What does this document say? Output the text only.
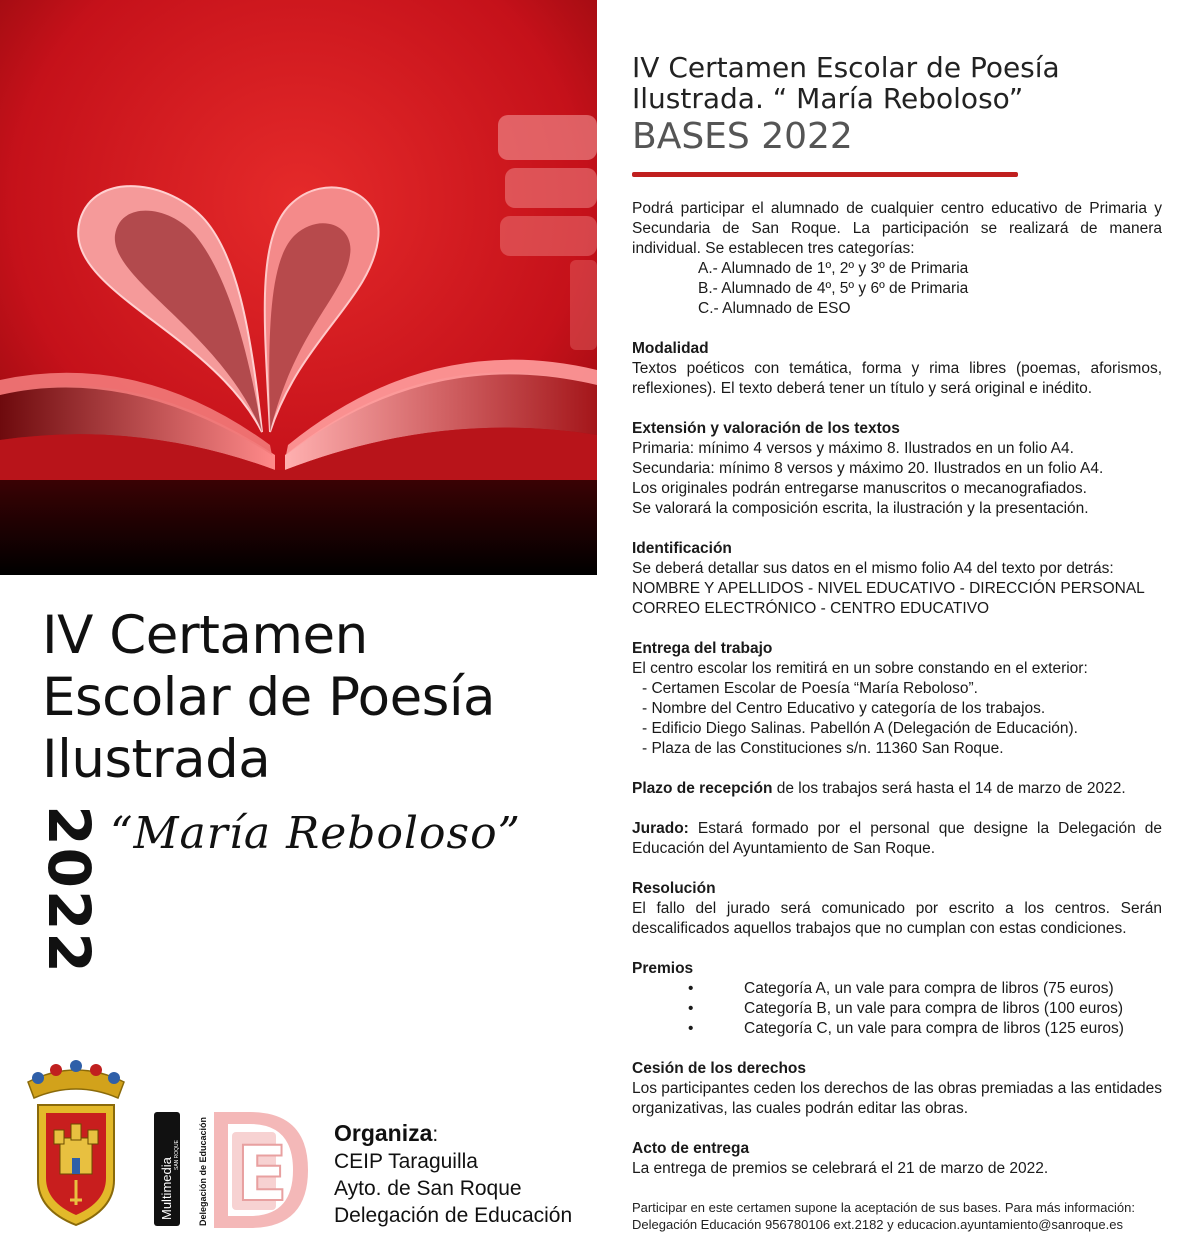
IV Certamen
Escolar de Poesía
Ilustrada
2022 “María Reboloso”
Multimedia
SAN ROQUE Delegación de Educación E Organiza:
CEIP Taraguilla
Ayto. de San Roque
Delegación de Educación
IV Certamen Escolar de Poesía
Ilustrada. “ María Reboloso”
BASES 2022
Podrá participar el alumnado de cualquier centro educativo de Primaria y Secundaria de San Roque. La participación se realizará de manera individual. Se establecen tres categorías:
A.- Alumnado de 1º, 2º y 3º de Primaria
B.- Alumnado de 4º, 5º y 6º de Primaria
C.- Alumnado de ESO
Modalidad
Textos poéticos con temática, forma y rima libres (poemas, aforismos, reflexiones). El texto deberá tener un título y será original e inédito.
Extensión y valoración de los textos
Primaria: mínimo 4 versos y máximo 8. Ilustrados en un folio A4.
Secundaria: mínimo 8 versos y máximo 20. Ilustrados en un folio A4.
Los originales podrán entregarse manuscritos o mecanografiados.
Se valorará la composición escrita, la ilustración y la presentación.
Identificación
Se deberá detallar sus datos en el mismo folio A4 del texto por detrás:
NOMBRE Y APELLIDOS - NIVEL EDUCATIVO - DIRECCIÓN PERSONAL
CORREO ELECTRÓNICO - CENTRO EDUCATIVO
Entrega del trabajo
El centro escolar los remitirá en un sobre constando en el exterior:
- Certamen Escolar de Poesía “María Reboloso”.
- Nombre del Centro Educativo y categoría de los trabajos.
- Edificio Diego Salinas. Pabellón A (Delegación de Educación).
- Plaza de las Constituciones s/n. 11360 San Roque.
Plazo de recepción de los trabajos será hasta el 14 de marzo de 2022.
Jurado: Estará formado por el personal que designe la Delegación de Educación del Ayuntamiento de San Roque.
Resolución
El fallo del jurado será comunicado por escrito a los centros. Serán descalificados aquellos trabajos que no cumplan con estas condiciones.
Premios
•	Categoría A, un vale para compra de libros (75 euros)
•	Categoría B, un vale para compra de libros (100 euros)
•	Categoría C, un vale para compra de libros (125 euros)
Cesión de los derechos
Los participantes ceden los derechos de las obras premiadas a las entidades organizativas, las cuales podrán editar las obras.
Acto de entrega
La entrega de premios se celebrará el 21 de marzo de 2022.
Participar en este certamen supone la aceptación de sus bases. Para más información:
Delegación Educación 956780106 ext.2182 y educacion.ayuntamiento@sanroque.es
